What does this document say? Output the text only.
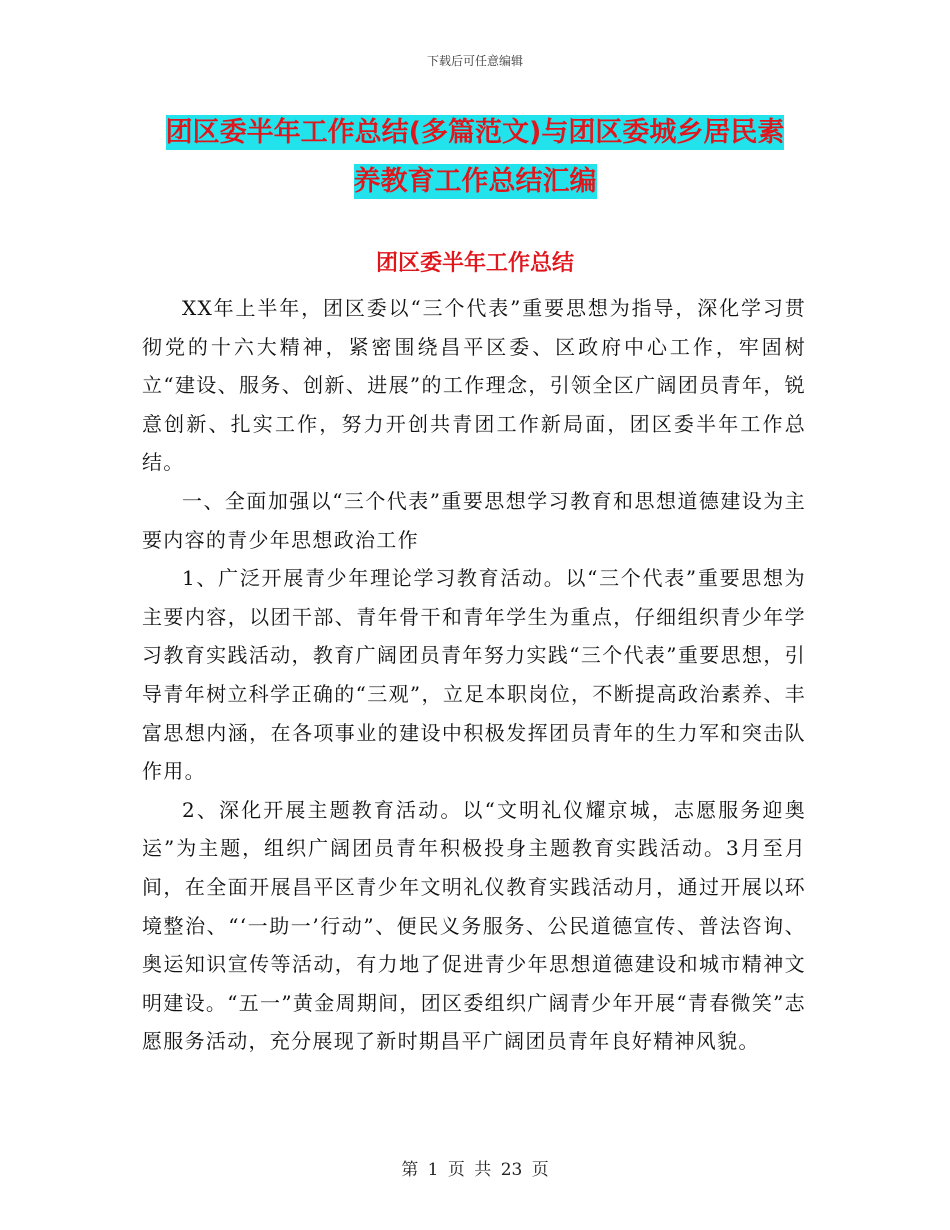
下载后可任意编辑
团区委半年工作总结(多篇范文)与团区委城乡居民素
养教育工作总结汇编
团区委半年工作总结

XX年上半年，团区委以“三个代表”重要思想为指导，深化学习贯彻党的十六大精神，紧密围绕昌平区委、区政府中心工作，牢固树立“建设、服务、创新、进展”的工作理念，引领全区广阔团员青年，锐意创新、扎实工作，努力开创共青团工作新局面，团区委半年工作总结。

一、全面加强以“三个代表”重要思想学习教育和思想道德建设为主要内容的青少年思想政治工作

1、广泛开展青少年理论学习教育活动。以“三个代表”重要思想为主要内容，以团干部、青年骨干和青年学生为重点，仔细组织青少年学习教育实践活动，教育广阔团员青年努力实践“三个代表”重要思想，引导青年树立科学正确的“三观”，立足本职岗位，不断提高政治素养、丰富思想内涵，在各项事业的建设中积极发挥团员青年的生力军和突击队作用。

2、深化开展主题教育活动。以“文明礼仪耀京城，志愿服务迎奥运”为主题，组织广阔团员青年积极投身主题教育实践活动。3月至月间，在全面开展昌平区青少年文明礼仪教育实践活动月，通过开展以环境整治、“‘一助一’行动”、便民义务服务、公民道德宣传、普法咨询、奥运知识宣传等活动，有力地了促进青少年思想道德建设和城市精神文明建设。“五一”黄金周期间，团区委组织广阔青少年开展“青春微笑”志愿服务活动，充分展现了新时期昌平广阔团员青年良好精神风貌。

第 1 页 共 23 页
